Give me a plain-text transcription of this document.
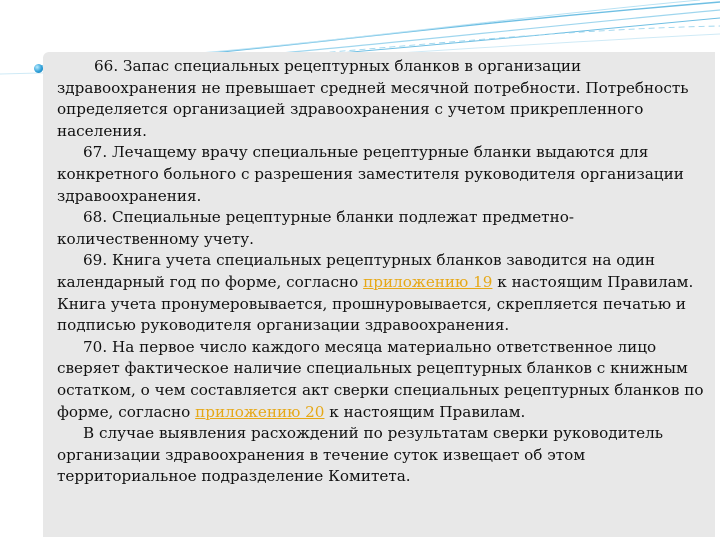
66. Запас специальных рецептурных бланков в организации здравоохранения не превышает средней месячной потребности. Потребность определяется организацией здравоохранения с учетом прикрепленного населения.

67. Лечащему врачу специальные рецептурные бланки выдаются для конкретного больного с разрешения заместителя руководителя организации здравоохранения.

68. Специальные рецептурные бланки подлежат предметно-количественному учету.

69. Книга учета специальных рецептурных бланков заводится на один календарный год по форме, согласно приложению 19 к настоящим Правилам. Книга учета пронумеровывается, прошнуровывается, скрепляется печатью и подписью руководителя организации здравоохранения.

70. На первое число каждого месяца материально ответственное лицо сверяет фактическое наличие специальных рецептурных бланков с книжным остатком, о чем составляется акт сверки специальных рецептурных бланков по форме, согласно приложению 20 к настоящим Правилам.

В случае выявления расхождений по результатам сверки руководитель организации здравоохранения в течение суток извещает об этом территориальное подразделение Комитета.
